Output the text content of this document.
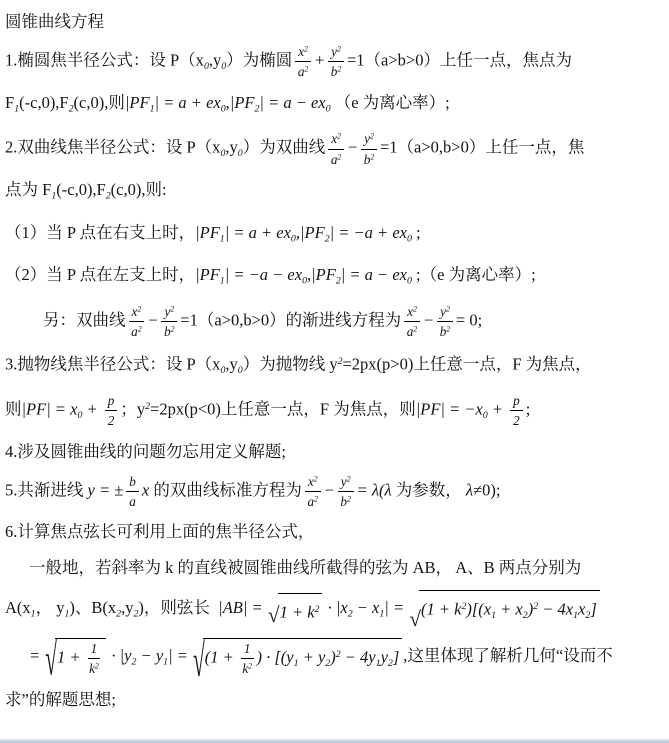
圆锥曲线方程
1.椭圆焦半径公式：设 $P(x_0,y_0)$为椭圆 $\frac{x^2}{a^2} + \frac{y^2}{b^2} =1(a>b>0)$上任一点，焦点为
$F_1(-c,0),F_2(c,0)$,则$|PF_1| = a + ex_0,|PF_2| = a - ex_0$ （e 为离心率）;
2.双曲线焦半径公式：设 $P(x_0,y_0)$为双曲线 $\frac{x^2}{a^2} - \frac{y^2}{b^2} =1(a>0,b>0)$上任一点，焦
点为 $F_1(-c,0),F_2(c,0)$,则:
（1）当 P 点在右支上时，$|PF_1| = a + ex_0,|PF_2| = -a + ex_0$ ;
（2）当 P 点在左支上时，$|PF_1| = -a - ex_0,|PF_2| = a - ex_0$ ;（e 为离心率）;
另：双曲线 $\frac{x^2}{a^2} - \frac{y^2}{b^2} =1(a>0,b>0)$的渐进线方程为 $\frac{x^2}{a^2} - \frac{y^2}{b^2} = 0$;
3.抛物线焦半径公式：设 $P(x_0,y_0)$为抛物线 $y^2=2px(p>0)$上任意一点，F 为焦点，
则$|PF| = x_0 + \frac{p}{2}$ ；$y^2=2px(p<0)$上任意一点，F 为焦点，则$|PF| = -x_0 + \frac{p}{2}$ ;
4.涉及圆锥曲线的问题勿忘用定义解题;
5.共渐进线 y = ± $\frac{b}{a}$ x 的双曲线标准方程为 $\frac{x^2}{a^2} - \frac{y^2}{b^2} = \lambda(\lambda$ 为参数， λ≠0);
6.计算焦点弦长可利用上面的焦半径公式，
一般地，若斜率为 k 的直线被圆锥曲线所截得的弦为 AB， A、B 两点分别为
$A(x_1$， $y_1$)、$B(x_2,y_2)$，则弦长  |AB| = √ $1 + k^2 \cdot |x_2 - x_1|$ = √ $(1 + k^2)[(x_1 + x_2)^2 - 4x_1x_2]$
= √ $1 + \frac{1}{k^2} \cdot |y_2 - y_1|$ = √ ($1 + \frac{1}{k^2}$ ) · $[(y_1 + y_2)^2 - 4y_1y_2]$ ,这里体现了解析几何“设而不
求”的解题思想;
